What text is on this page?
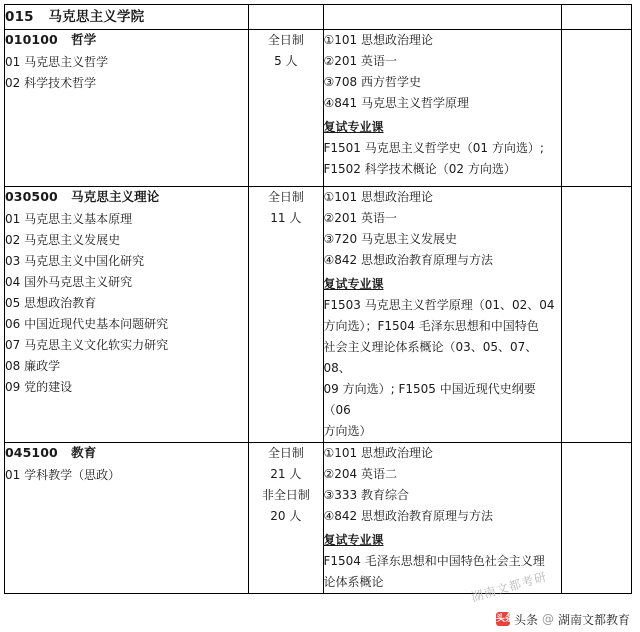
015 马克思主义学院			

010100 哲学
01 马克思主义哲学
02 科学技术哲学

全日制
5 人

①101 思想政治理论
②201 英语一
③708 西方哲学史
④841 马克思主义哲学原理
复试专业课
F1501 马克思主义哲学史（01 方向选）;
F1502 科学技术概论（02 方向选）

030500 马克思主义理论
01 马克思主义基本原理
02 马克思主义发展史
03 马克思主义中国化研究
04 国外马克思主义研究
05 思想政治教育
06 中国近现代史基本问题研究
07 马克思主义文化软实力研究
08 廉政学
09 党的建设

全日制
11 人

①101 思想政治理论
②201 英语一
③720 马克思主义发展史
④842 思想政治教育原理与方法
复试专业课
F1503 马克思主义哲学原理（01、02、04
方向选）；F1504 毛泽东思想和中国特色
社会主义理论体系概论（03、05、07、08、
09 方向选）; F1505 中国近现代史纲要（06
方向选）

045100 教育
01 学科教学（思政）

全日制
21 人
非全日制
20 人

①101 思想政治理论
②204 英语二
③333 教育综合
④842 思想政治教育原理与方法
复试专业课
F1504 毛泽东思想和中国特色社会主义理
论体系概论
		湖南文都考研
头条 头条 @ 湖南文都教育
